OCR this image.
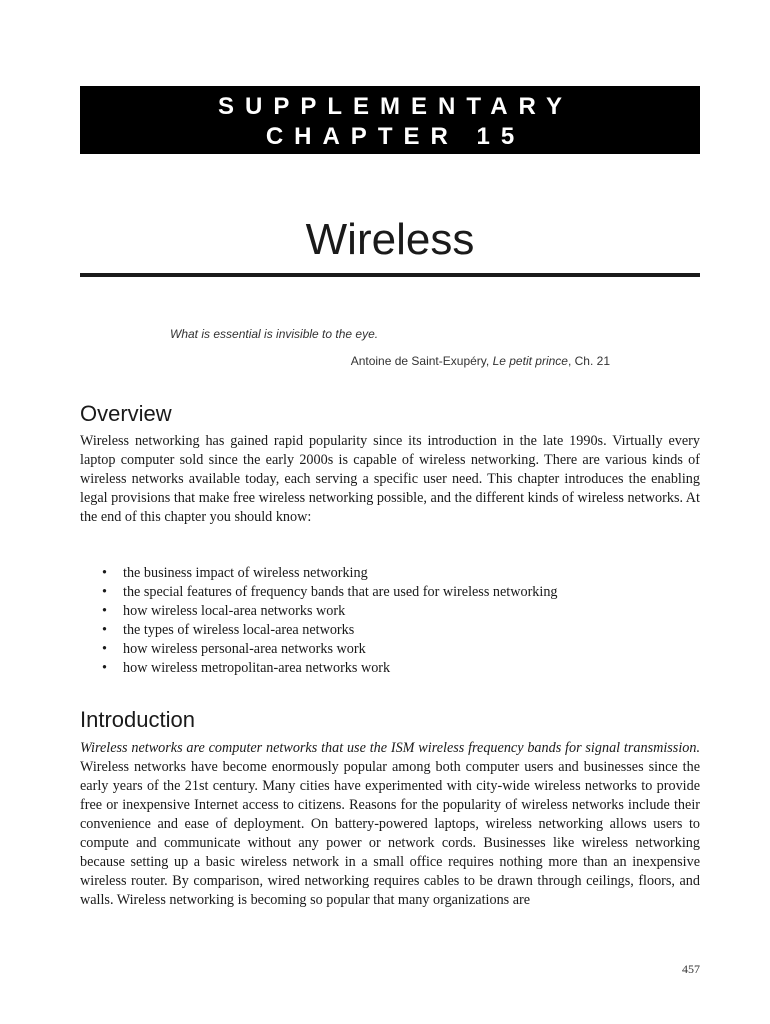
SUPPLEMENTARY
CHAPTER 15
Wireless
What is essential is invisible to the eye.
Antoine de Saint-Exupéry, Le petit prince, Ch. 21
Overview

Wireless networking has gained rapid popularity since its introduction in the late 1990s. Virtually every laptop computer sold since the early 2000s is capable of wireless networking. There are various kinds of wireless networks available today, each serving a specific user need. This chapter introduces the enabling legal provisions that make free wireless networking possible, and the different kinds of wireless networks. At the end of this chapter you should know:

• the business impact of wireless networking
• the special features of frequency bands that are used for wireless networking
• how wireless local-area networks work
• the types of wireless local-area networks
• how wireless personal-area networks work
• how wireless metropolitan-area networks work
Introduction

Wireless networks are computer networks that use the ISM wireless frequency bands for signal transmission. Wireless networks have become enormously popular among both computer users and businesses since the early years of the 21st century. Many cities have experimented with city-wide wireless networks to provide free or inexpensive Internet access to citizens. Reasons for the popularity of wireless networks include their convenience and ease of deployment. On battery-powered laptops, wireless networking allows users to compute and communicate without any power or network cords. Businesses like wireless networking because setting up a basic wireless network in a small office requires nothing more than an inexpensive wireless router. By comparison, wired networking requires cables to be drawn through ceilings, floors, and walls. Wireless networking is becoming so popular that many organizations are

457
